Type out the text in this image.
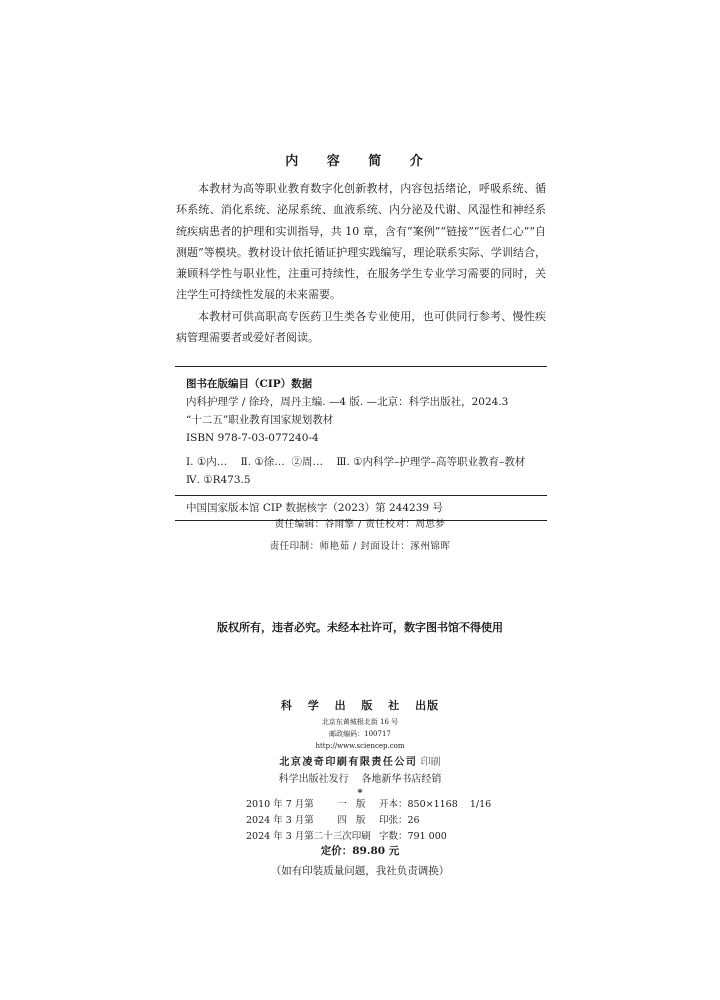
内 容 简 介

本教材为高等职业教育数字化创新教材，内容包括绪论，呼吸系统、循环系统、消化系统、泌尿系统、血液系统、内分泌及代谢、风湿性和神经系统疾病患者的护理和实训指导，共 10 章，含有“案例”“链接”“医者仁心”“自测题”等模块。教材设计依托循证护理实践编写，理论联系实际、学训结合，兼顾科学性与职业性，注重可持续性，在服务学生专业学习需要的同时，关注学生可持续性发展的未来需要。

本教材可供高职高专医药卫生类各专业使用，也可供同行参考、慢性疾病管理需要者或爱好者阅读。

图书在版编目（CIP）数据
内科护理学 / 徐玲，周丹主编. —4 版. —北京：科学出版社，2024.3
“十二五”职业教育国家规划教材
ISBN 978-7-03-077240-4
Ⅰ. ①内…    Ⅱ. ①徐…  ②周…    Ⅲ. ①内科学–护理学–高等职业教育–教材
Ⅳ. ①R473.5
中国国家版本馆 CIP 数据核字（2023）第 244239 号
责任编辑：谷雨擎 / 责任校对：周思梦
责任印制：师艳茹 / 封面设计：涿州锦晖
版权所有，违者必究。未经本社许可，数字图书馆不得使用
科 学 出 版 社 出版
北京东黄城根北街 16 号
邮政编码：100717
http://www.sciencep.com
北京凌奇印刷有限责任公司 印刷
科学出版社发行    各地新华书店经销
*
2010 年 7 月第 一 版	开本：850×1168    1/16
2024 年 3 月第 四 版	印张：26
2024 年 3 月第二十三次印刷 字数：791 000
定价：89.80 元
（如有印装质量问题，我社负责调换）
